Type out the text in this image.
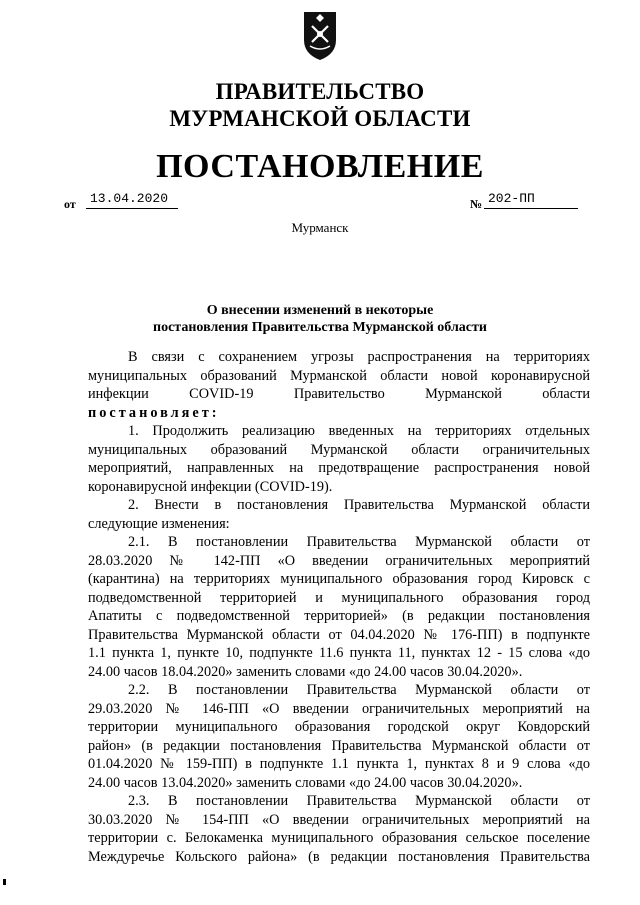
ПРАВИТЕЛЬСТВО
МУРМАНСКОЙ ОБЛАСТИ
ПОСТАНОВЛЕНИЕ
от	13.04.2020	№ 202-ПП
Мурманск
О внесении изменений в некоторые
постановления Правительства Мурманской области
В связи с сохранением угрозы распространения на территориях
муниципальных образований Мурманской области новой коронавирусной
инфекции COVID-19 Правительство Мурманской области
постановляет:
1. Продолжить реализацию введенных на территориях отдельных
муниципальных образований Мурманской области ограничительных
мероприятий, направленных на предотвращение распространения новой
коронавирусной инфекции (COVID-19).
2. Внести в постановления Правительства Мурманской области
следующие изменения:
2.1. В постановлении Правительства Мурманской области от
28.03.2020 № 142-ПП «О введении ограничительных мероприятий
(карантина) на территориях муниципального образования город Кировск с
подведомственной территорией и муниципального образования город
Апатиты с подведомственной территорией» (в редакции постановления
Правительства Мурманской области от 04.04.2020 № 176-ПП) в подпункте
1.1 пункта 1, пункте 10, подпункте 11.6 пункта 11, пунктах 12 - 15 слова «до
24.00 часов 18.04.2020» заменить словами «до 24.00 часов 30.04.2020».
2.2. В постановлении Правительства Мурманской области от
29.03.2020 № 146-ПП «О введении ограничительных мероприятий на
территории муниципального образования городской округ Ковдорский
район» (в редакции постановления Правительства Мурманской области от
01.04.2020 № 159-ПП) в подпункте 1.1 пункта 1, пунктах 8 и 9 слова «до
24.00 часов 13.04.2020» заменить словами «до 24.00 часов 30.04.2020».
2.3. В постановлении Правительства Мурманской области от
30.03.2020 № 154-ПП «О введении ограничительных мероприятий на
территории с. Белокаменка муниципального образования сельское поселение
Междуречье Кольского района» (в редакции постановления Правительства
